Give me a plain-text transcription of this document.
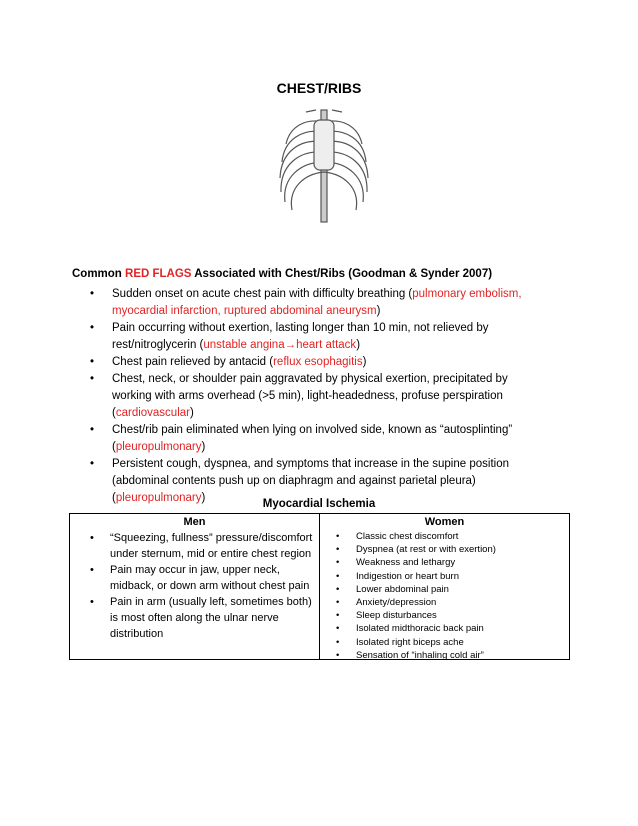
CHEST/RIBS
Common RED FLAGS Associated with Chest/Ribs (Goodman & Synder 2007)
• Sudden onset on acute chest pain with difficulty breathing (pulmonary embolism, myocardial infarction, ruptured abdominal aneurysm)
• Pain occurring without exertion, lasting longer than 10 min, not relieved by rest/nitroglycerin (unstable angina→heart attack)
• Chest pain relieved by antacid (reflux esophagitis)
• Chest, neck, or shoulder pain aggravated by physical exertion, precipitated by working with arms overhead (>5 min), light-headedness, profuse perspiration (cardiovascular)
• Chest/rib pain eliminated when lying on involved side, known as “autosplinting” (pleuropulmonary)
• Persistent cough, dyspnea, and symptoms that increase in the supine position (abdominal contents push up on diaphragm and against parietal pleura) (pleuropulmonary)	Myocardial Ischemia
Men
• “Squeezing, fullness” pressure/discomfort under sternum, mid or entire chest region
• Pain may occur in jaw, upper neck, midback, or down arm without chest pain
• Pain in arm (usually left, sometimes both) is most often along the ulnar nerve distribution
Women
• Classic chest discomfort
• Dyspnea (at rest or with exertion)
• Weakness and lethargy
• Indigestion or heart burn
• Lower abdominal pain
• Anxiety/depression
• Sleep disturbances
• Isolated midthoracic back pain
• Isolated right biceps ache
• Sensation of “inhaling cold air”
